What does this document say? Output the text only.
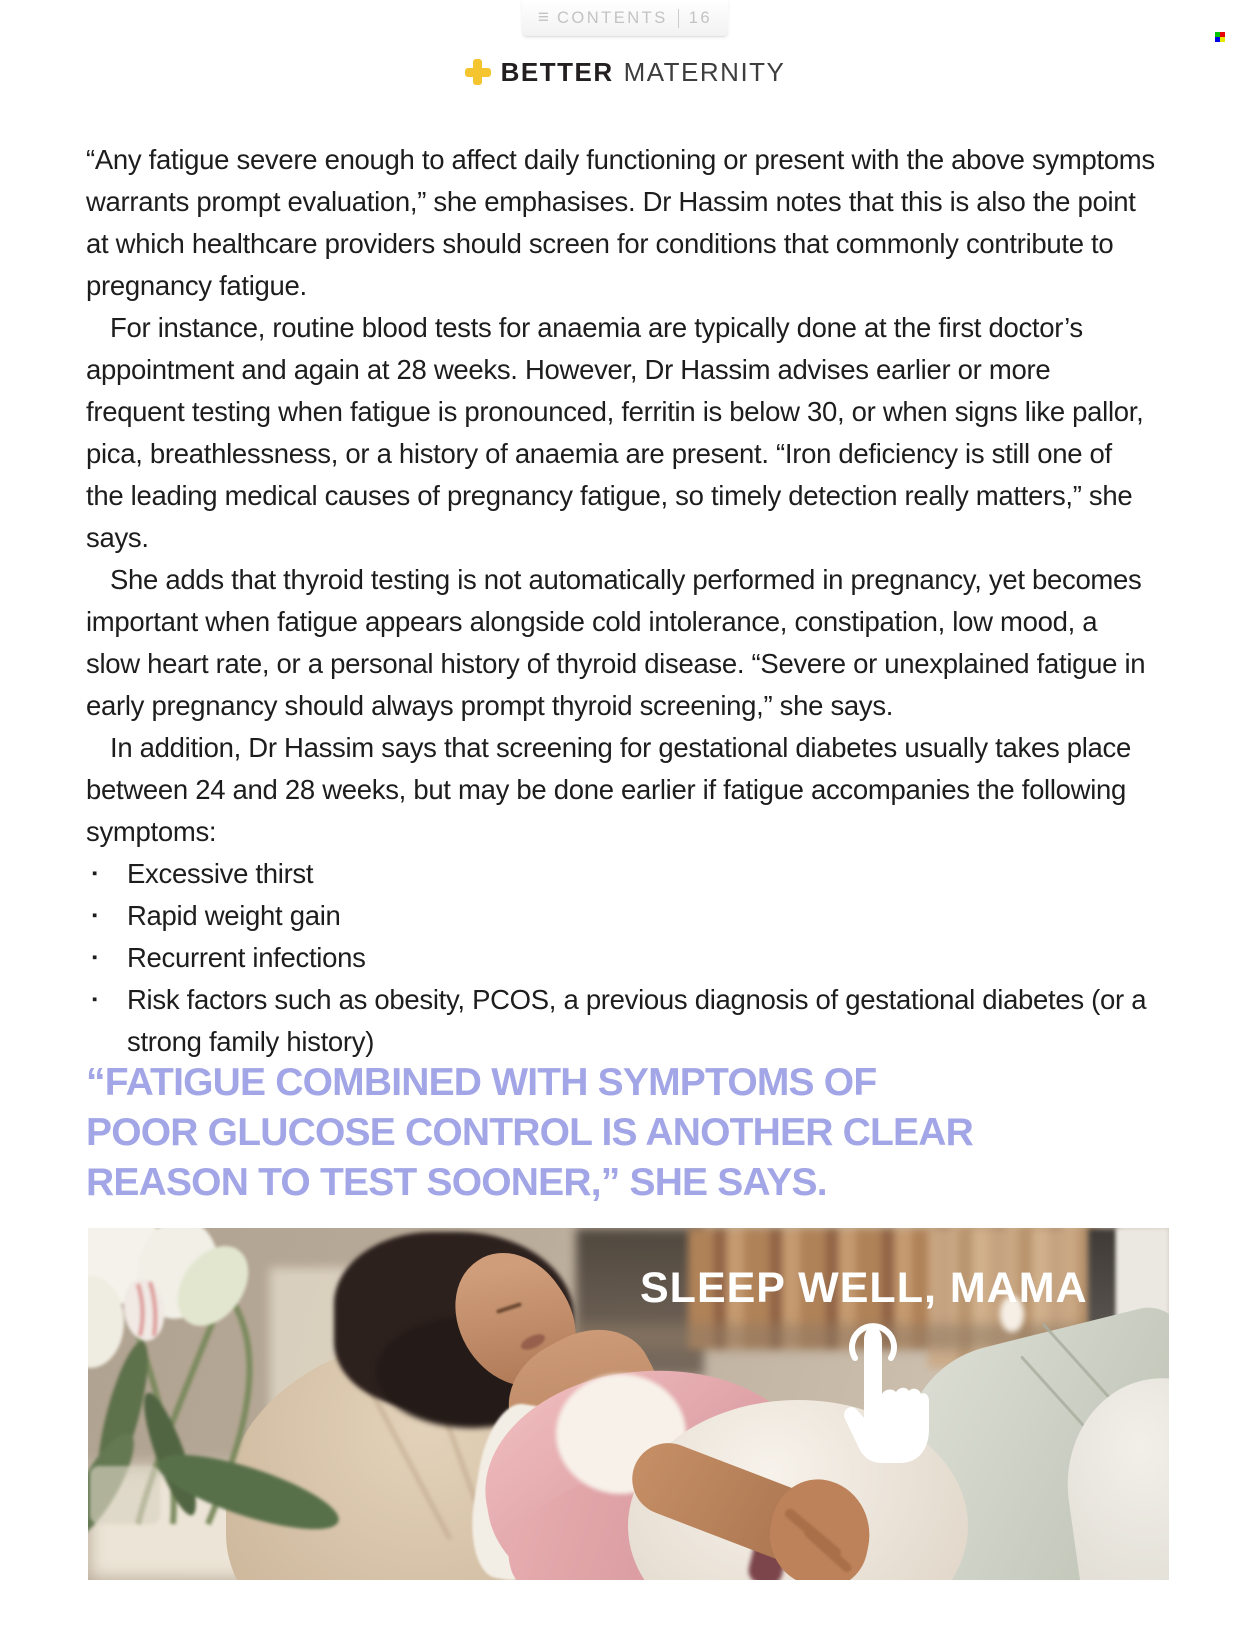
≡ CONTENTS 16
BETTER MATERNITY

“Any fatigue severe enough to affect daily functioning or present with the above symptoms warrants prompt evaluation,” she emphasises. Dr Hassim notes that this is also the point at which healthcare providers should screen for conditions that commonly contribute to pregnancy fatigue.

For instance, routine blood tests for anaemia are typically done at the first doctor’s appointment and again at 28 weeks. However, Dr Hassim advises earlier or more frequent testing when fatigue is pronounced, ferritin is below 30, or when signs like pallor, pica, breathlessness, or a history of anaemia are present. “Iron deficiency is still one of the leading medical causes of pregnancy fatigue, so timely detection really matters,” she says.

She adds that thyroid testing is not automatically performed in pregnancy, yet becomes important when fatigue appears alongside cold intolerance, constipation, low mood, a slow heart rate, or a personal history of thyroid disease. “Severe or unexplained fatigue in early pregnancy should always prompt thyroid screening,” she says.

In addition, Dr Hassim says that screening for gestational diabetes usually takes place between 24 and 28 weeks, but may be done earlier if fatigue accompanies the following symptoms:

▪ Excessive thirst
▪ Rapid weight gain
▪ Recurrent infections
▪ Risk factors such as obesity, PCOS, a previous diagnosis of gestational diabetes (or a strong family history)
“FATIGUE COMBINED WITH SYMPTOMS OF
POOR GLUCOSE CONTROL IS ANOTHER CLEAR
REASON TO TEST SOONER,” SHE SAYS.
SLEEP WELL, MAMA
